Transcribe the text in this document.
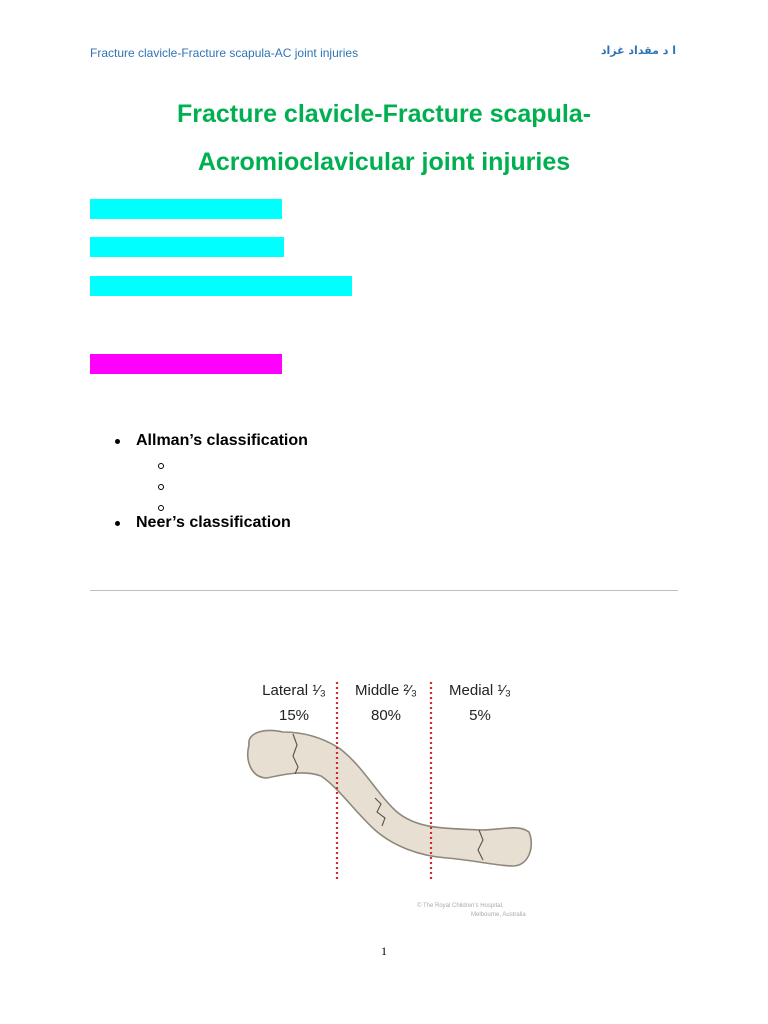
Fracture clavicle-Fracture scapula-AC joint injuries	ا د مقداد غزاد
Fracture clavicle-Fracture scapula-
Acromioclavicular joint injuries
Allman’s classification
Neer’s classification
Lateral ¹⁄₃
15%
Middle ²⁄₃
80%
Medial ¹⁄₃
5%
© The Royal Children’s Hospital,
Melbourne, Australia
1
